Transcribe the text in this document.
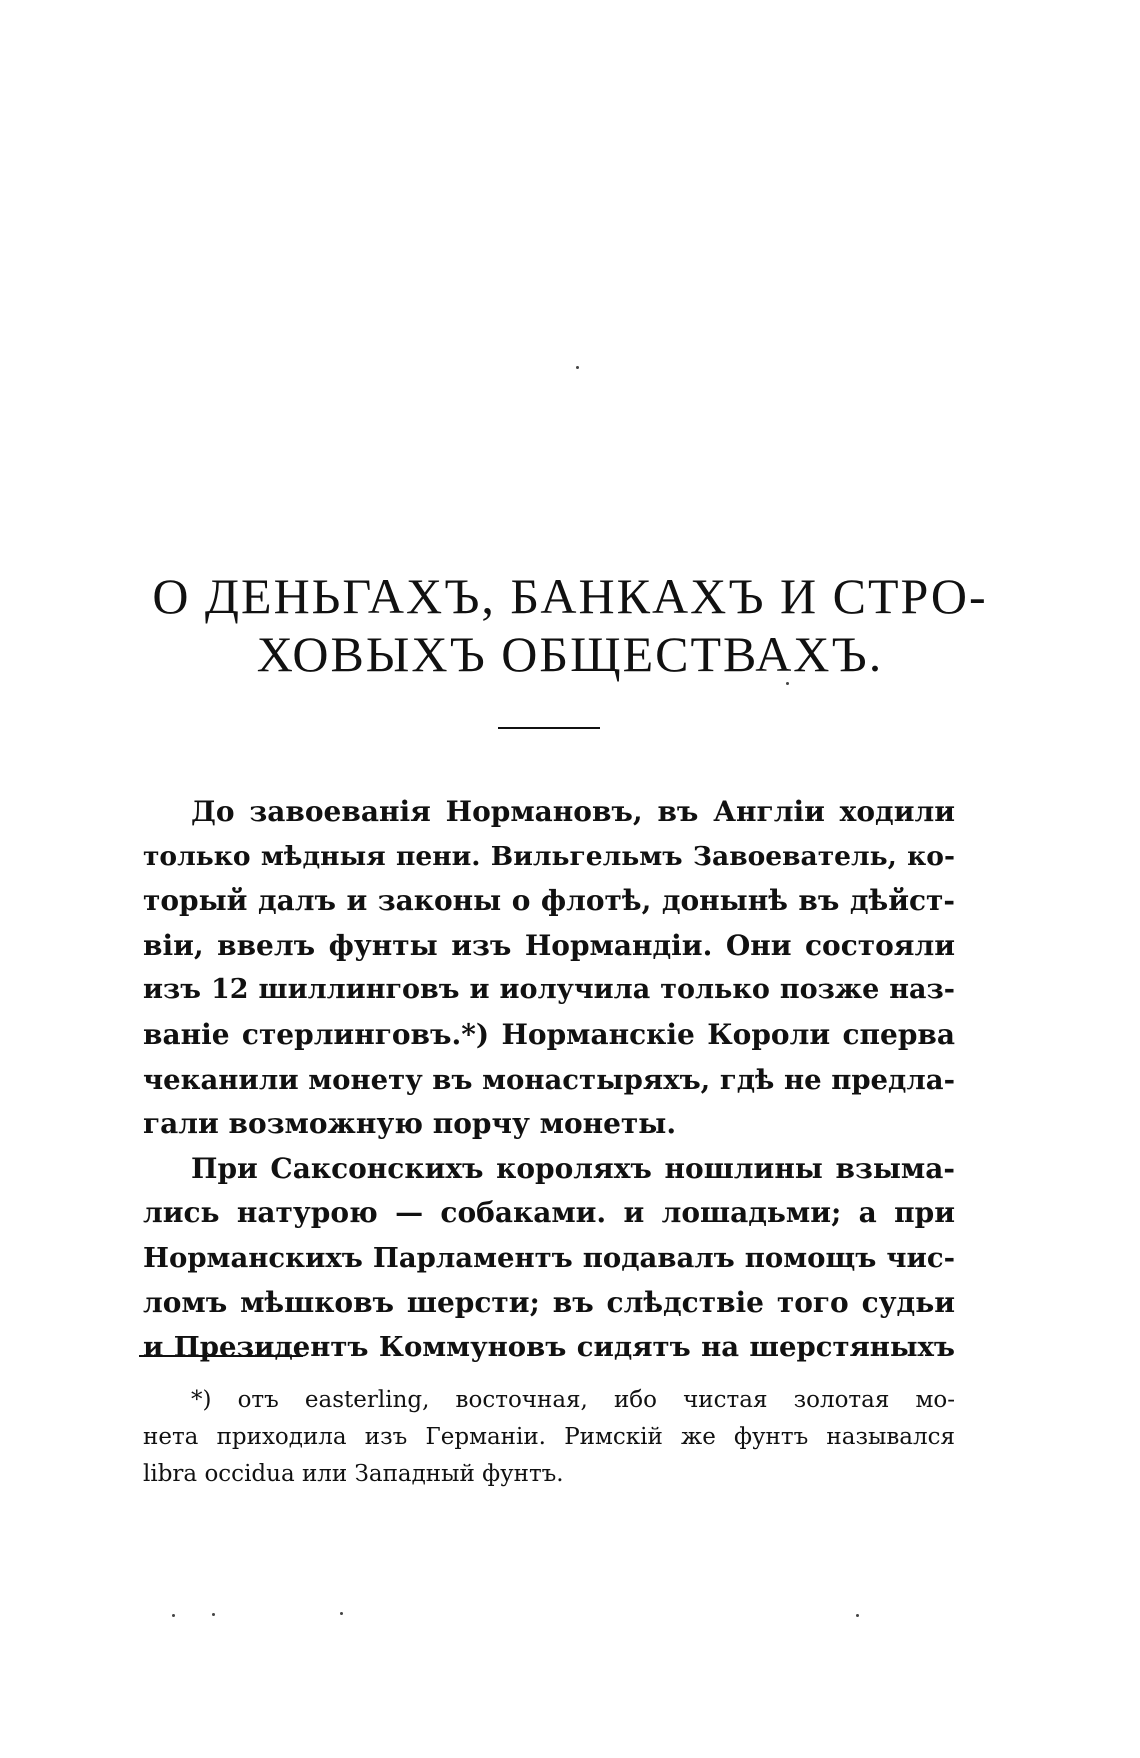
О ДЕНЬГАХЪ, БАНКАХЪ И СТРО-
ХОВЫХЪ ОБЩЕСТВАХЪ.
До завоеванія Нормановъ, въ Англіи ходили
только мѣдныя пени. Вильгельмъ Завоеватель, ко-
торый далъ и законы о флотѣ, донынѣ въ дѣйст-
віи, ввелъ фунты изъ Нормандіи. Они состояли
изъ 12 шиллинговъ и иолучила только позже наз-
ваніе стерлинговъ.*) Норманскіе Короли сперва
чеканили монету въ монастыряхъ, гдѣ не предла-
гали возможную порчу монеты.
При Саксонскихъ короляхъ ношлины взыма-
лись натурою — собаками. и лошадьми; а при
Норманскихъ Парламентъ подавалъ помощъ чис-
ломъ мѣшковъ шерсти; въ слѣдствіе того судьи
и Президентъ Коммуновъ сидятъ на шерстяныхъ
*) отъ easterling, восточная, ибо чистая золотая мо-
нета приходила изъ Германіи. Римскій же фунтъ назывался
libra occidua или Западный фунтъ.
